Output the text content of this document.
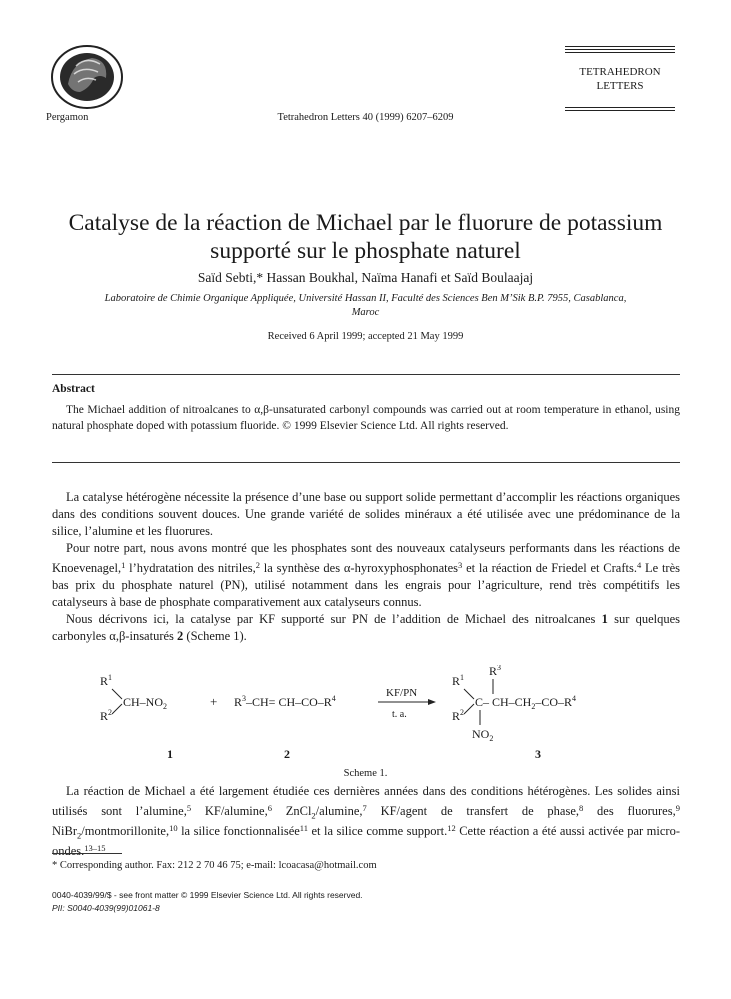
Pergamon	Tetrahedron Letters 40 (1999) 6207–6209
TETRAHEDRON
LETTERS
Catalyse de la réaction de Michael par le fluorure de potassium
supporté sur le phosphate naturel
Saïd Sebti,* Hassan Boukhal, Naïma Hanafi et Saïd Boulaajaj
Laboratoire de Chimie Organique Appliquée, Université Hassan II, Faculté des Sciences Ben M’Sik B.P. 7955, Casablanca,
Maroc
Received 6 April 1999; accepted 21 May 1999
Abstract
The Michael addition of nitroalcanes to α,β-unsaturated carbonyl compounds was carried out at room temperature in ethanol, using natural phosphate doped with potassium fluoride. © 1999 Elsevier Science Ltd. All rights reserved.

La catalyse hétérogène nécessite la présence d’une base ou support solide permettant d’accomplir les réactions organiques dans des conditions souvent douces. Une grande variété de solides minéraux a été utilisée avec une prédominance de la silice, l’alumine et les fluorures.

Pour notre part, nous avons montré que les phosphates sont des nouveaux catalyseurs performants dans les réactions de Knoevenagel,$^1$ l’hydratation des nitriles,$^2$ la synthèse des α-hyroxyphosphonates$^3$ et la réaction de Friedel et Crafts.$^4$ Le très bas prix du phosphate naturel (PN), utilisé notamment dans les engrais pour l’agriculture, rend très compétitifs les catalyseurs à base de phosphate comparativement aux catalyseurs connus.

Nous décrivons ici, la catalyse par KF supporté sur PN de l’addition de Michael des nitroalcanes 1 sur quelques carbonyles α,β-insaturés 2 (Scheme 1).

$R^1$
$CH-NO_2$
$R^2$
+ $R^3-CH= CH-CO-R^4$	KF/PN
t. a.
$R^1$
$R^2$
$R^3$
C– $CH-CH_2-CO-R^4$
$NO_2$
1	2	3
Scheme 1.

La réaction de Michael a été largement étudiée ces dernières années dans des conditions hétérogènes. Les solides ainsi utilisés sont l’alumine,$^5$ KF/alumine,$^6$ ZnCl$_2$/alumine,$^7$ KF/agent de transfert de phase,$^8$ des fluorures,$^9$ NiBr$_2$/montmorillonite,$^{10}$ la silice fonctionnalisée$^{11}$ et la silice comme support.$^{12}$ Cette réaction a été aussi activée par micro-ondes.$^{13-15}$

* Corresponding author. Fax: 212 2 70 46 75; e-mail: lcoacasa@hotmail.com
0040-4039/99/$ - see front matter © 1999 Elsevier Science Ltd. All rights reserved.
PII: S0040-4039(99)01061-8
